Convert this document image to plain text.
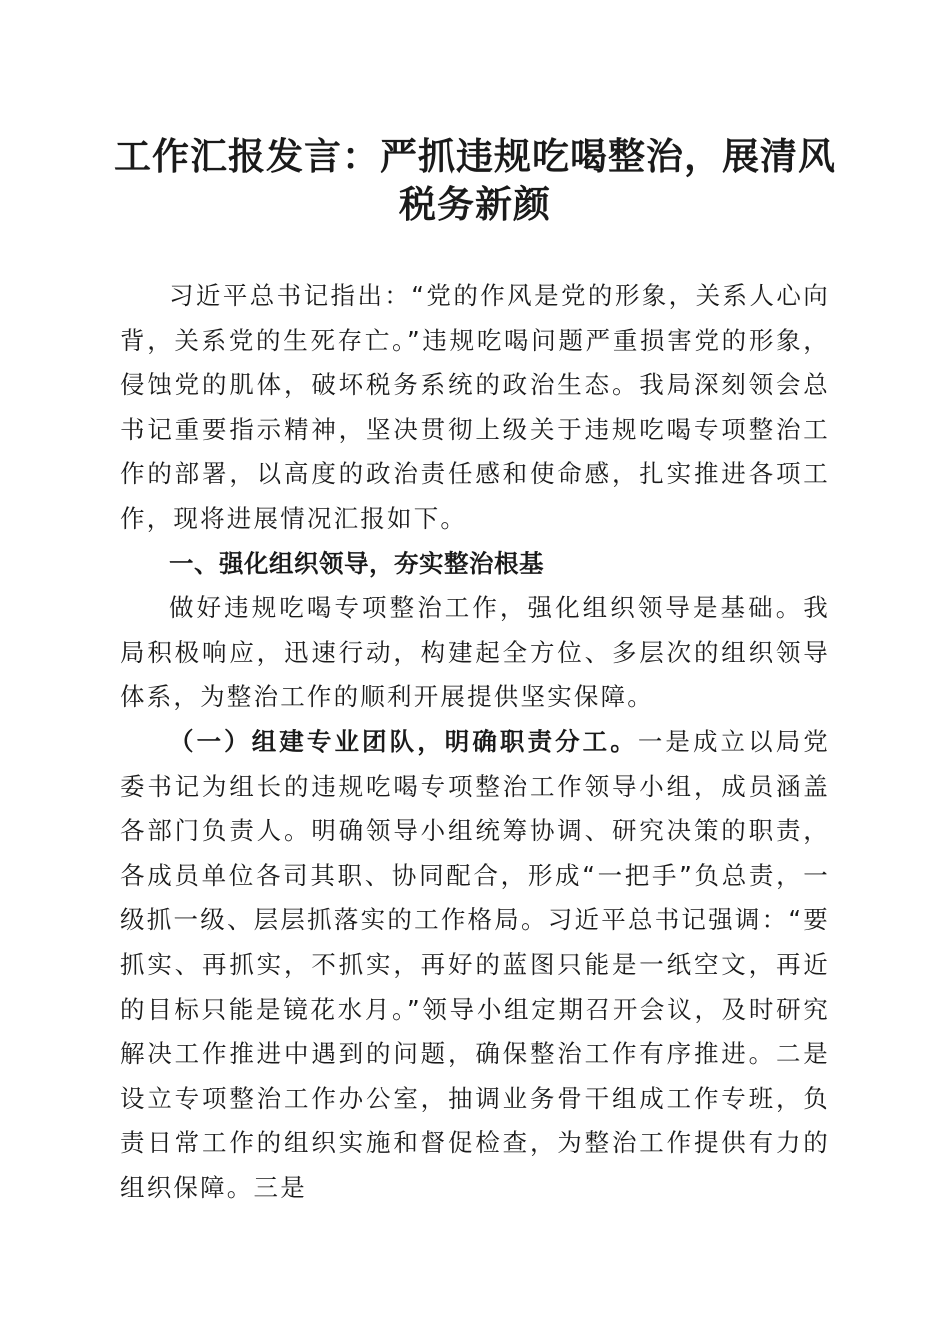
工作汇报发言：严抓违规吃喝整治，展清风税务新颜

习近平总书记指出：“党的作风是党的形象，关系人心向背，关系党的生死存亡。”违规吃喝问题严重损害党的形象，侵蚀党的肌体，破坏税务系统的政治生态。我局深刻领会总书记重要指示精神，坚决贯彻上级关于违规吃喝专项整治工作的部署，以高度的政治责任感和使命感，扎实推进各项工作，现将进展情况汇报如下。

一、强化组织领导，夯实整治根基

做好违规吃喝专项整治工作，强化组织领导是基础。我局积极响应，迅速行动，构建起全方位、多层次的组织领导体系，为整治工作的顺利开展提供坚实保障。

（一）组建专业团队，明确职责分工。一是成立以局党委书记为组长的违规吃喝专项整治工作领导小组，成员涵盖各部门负责人。明确领导小组统筹协调、研究决策的职责，各成员单位各司其职、协同配合，形成“一把手”负总责，一级抓一级、层层抓落实的工作格局。习近平总书记强调：“要抓实、再抓实，不抓实，再好的蓝图只能是一纸空文，再近的目标只能是镜花水月。”领导小组定期召开会议，及时研究解决工作推进中遇到的问题，确保整治工作有序推进。二是设立专项整治工作办公室，抽调业务骨干组成工作专班，负责日常工作的组织实施和督促检查，为整治工作提供有力的组织保障。三是
